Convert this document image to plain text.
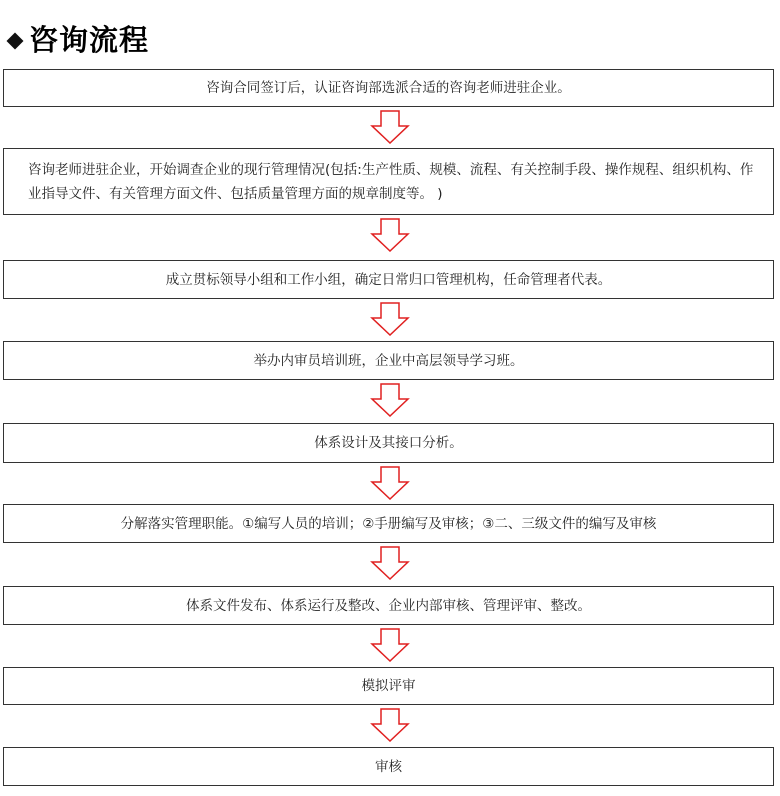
咨询流程
咨询合同签订后，认证咨询部选派合适的咨询老师进驻企业。
咨询老师进驻企业，开始调查企业的现行管理情况(包括:生产性质、规模、流程、有关控制手段、操作规程、组织机构、作业指导文件、有关管理方面文件、包括质量管理方面的规章制度等。 )
成立贯标领导小组和工作小组，确定日常归口管理机构，任命管理者代表。
举办内审员培训班，企业中高层领导学习班。
体系设计及其接口分析。
分解落实管理职能。①编写人员的培训；②手册编写及审核；③二、三级文件的编写及审核
体系文件发布、体系运行及整改、企业内部审核、管理评审、整改。
模拟评审
审核
